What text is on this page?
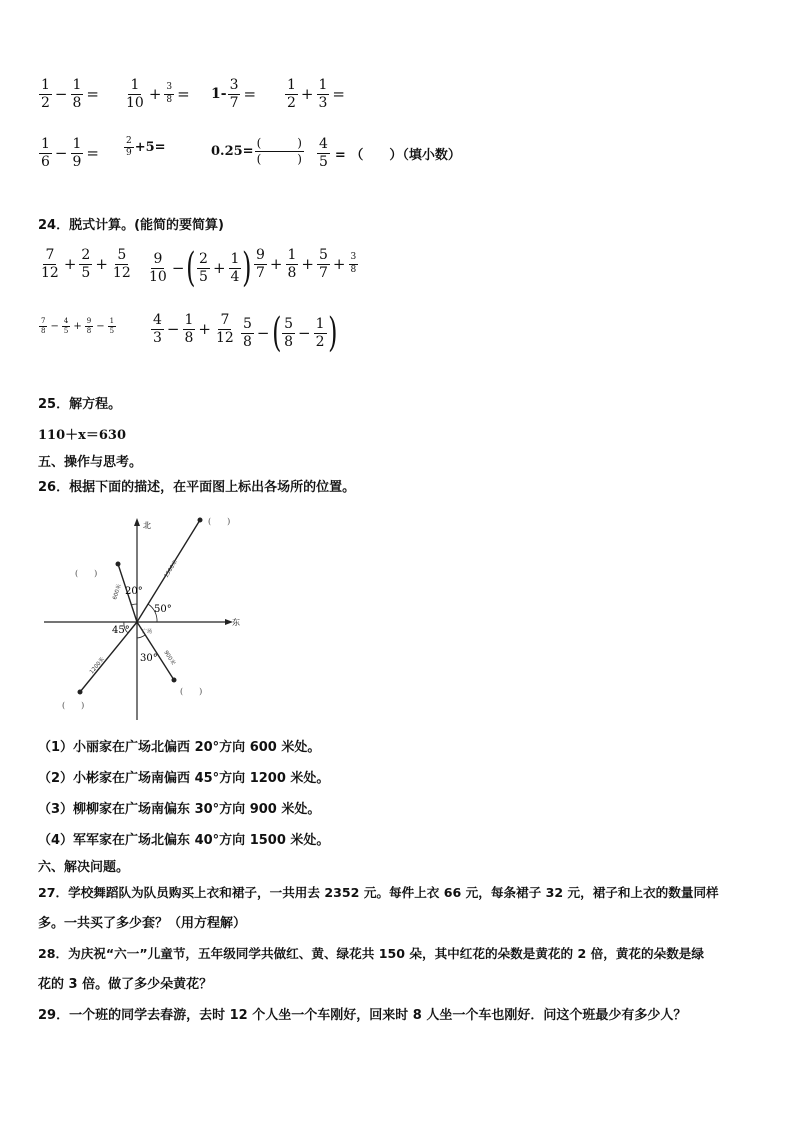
$\frac{1}{2} - \frac{1}{8} = \frac{1}{10} + \frac{3}{8} = 1- \frac{3}{7} = \frac{1}{2} + \frac{1}{3}$ =
$\frac{1}{6} - \frac{1}{9}$ =	$\frac{2}{9} +5=$	$0.25= \frac{( )}{( )} \frac{4}{5}$ = （　　）（填小数）
24．脱式计算。(能简的要简算)
$\frac{7}{12} + \frac{2}{5} + \frac{5}{12} \frac{9}{10}$ − ( $\frac{2}{5} + \frac{1}{4}$ ) $\frac{9}{7} + \frac{1}{8} + \frac{5}{7} + \frac{3}{8}$
$\frac{7}{8} - \frac{4}{5} + \frac{9}{8} - \frac{1}{5} \frac{4}{3} - \frac{1}{8} + \frac{7}{12} \frac{5}{8}$ − ( $\frac{5}{8} - \frac{1}{2}$ )
25．解方程。
110＋x＝630
五、操作与思考。
26．根据下面的描述，在平面图上标出各场所的位置。
北
东
(　　)
1500米
(　　)
600米
(　　)
1200米
(　　)
900米
20°
50°
45°
30°
广场
（1）小丽家在广场北偏西 20°方向 600 米处。
（2）小彬家在广场南偏西 45°方向 1200 米处。
（3）柳柳家在广场南偏东 30°方向 900 米处。
（4）军军家在广场北偏东 40°方向 1500 米处。
六、解决问题。
27．学校舞蹈队为队员购买上衣和裙子，一共用去 2352 元。每件上衣 66 元，每条裙子 32 元，裙子和上衣的数量同样
多。一共买了多少套？（用方程解）
28．为庆祝“六一”儿童节，五年级同学共做红、黄、绿花共 150 朵，其中红花的朵数是黄花的 2 倍，黄花的朵数是绿
花的 3 倍。做了多少朵黄花？
29．一个班的同学去春游，去时 12 个人坐一个车刚好，回来时 8 人坐一个车也刚好．问这个班最少有多少人？
